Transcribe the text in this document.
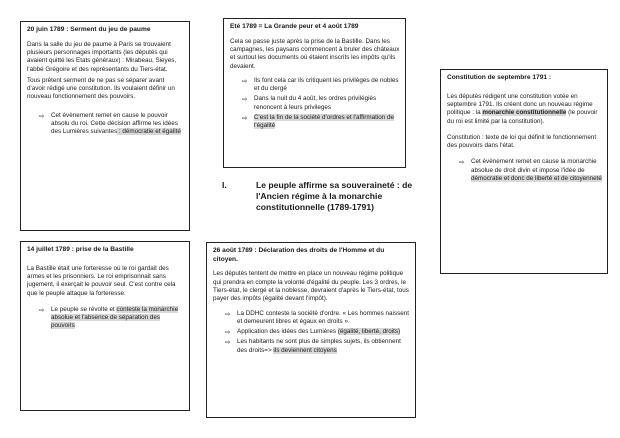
20 juin 1789 : Serment du jeu de paume

Dans la salle du jeu de paume à Paris se trouvaient plusieurs personnages importants (les députés qui avaient quitté les Etats généraux) : Mirabeau, Sieyes, l'abbé Grégoire et des représentants du Tiers-état.

Tous prêtent serment de ne pas se séparer avant d'avoir rédigé une constitution. Ils voulaient définir un nouveau fonctionnement des pouvoirs.

⇨ Cet évènement remet en cause le pouvoir absolu du roi. Cette décision affirme les idées des Lumières suivantes : démocratie et égalité
Eté 1789 = La Grande peur et 4 août 1789

Cela se passe juste après la prise de la Bastille. Dans les campagnes, les paysans commencent à bruler des châteaux et surtout les documents où étaient inscrits les impôts qu'ils devaient.

⇨ Ils font cela car ils critiquent les privilèges de nobles et du clergé
⇨ Dans la nuit du 4 août, les ordres privilégiés renoncent à leurs privileges
⇨ C'est la fin de la société d'ordres et l'affirmation de l'égalité
I.	Le peuple affirme sa souveraineté : de l'Ancien régime à la monarchie constitutionnelle (1789-1791)
Constitution de septembre 1791 :

Les députés rédigent une constitution votée en septembre 1791. Ils créent donc un nouveau régime politique : la monarchie constitutionnelle (le pouvoir du roi est limité par la constitution).

Constitution : texte de loi qui définit le fonctionnement des pouvoirs dans l'état.

⇨ Cet évènement remet en cause la monarchie absolue de droit divin et impose l'idée de démocratie et donc de liberté et de citoyenneté
14 juillet 1789 : prise de la Bastille

La Bastille était une forteresse où le roi gardait des armes et les prisonniers. Le roi emprisonnait sans jugement, il exerçait le pouvoir seul. C'est contre cela que le peuple attaque la forteresse.

⇨ Le peuple se révolte et conteste la monarchie absolue et l'absence de séparation des pouvoirs
26 août 1789 : Déclaration des droits de l'Homme et du citoyen.

Les députés tentent de mettre en place un nouveau régime politique qui prendra en compte la volonté d'égalité du peuple. Les 3 ordres, le Tiers-état, le clergé et la noblesse, devraient d'après le Tiers-état, tous payer des impôts (égalité devant l'impôt).

⇨ La DDHC conteste la société d'ordre. « Les hommes naissent et demeurent libres et égaux en droits ».
⇨ Application des idées des Lumières (égalité, liberté, droits)
⇨ Les habitants ne sont plus de simples sujets, ils obtiennent des droits=> ils deviennent citoyens
